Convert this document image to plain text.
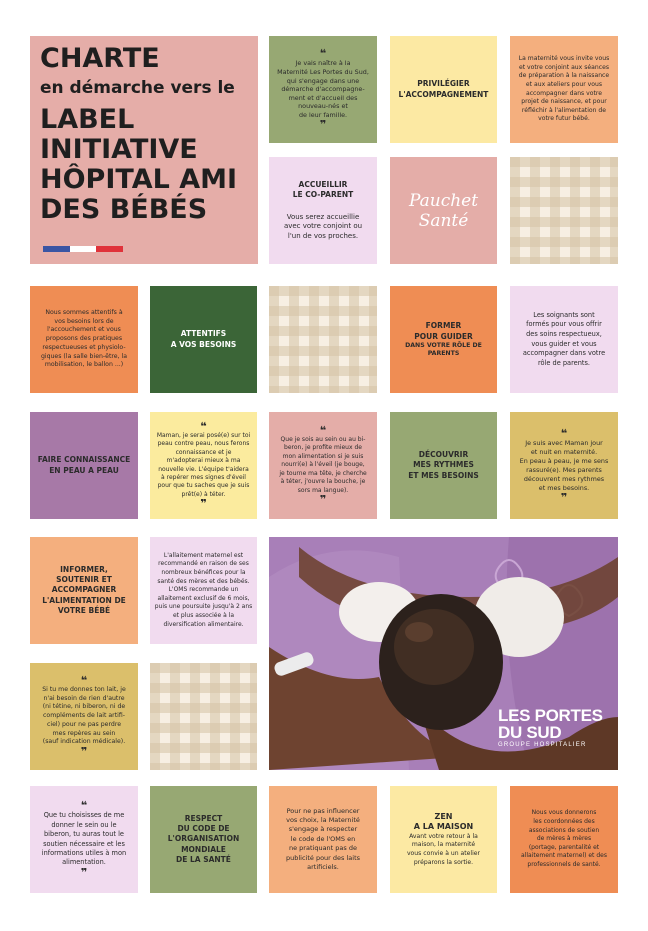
CHARTE
en démarche vers le
LABEL
INITIATIVE
HÔPITAL AMI
DES BÉBÉS
❝
Je vais naître à la
Maternité Les Portes du Sud,
qui s'engage dans une
démarche d'accompagne-
ment et d'accueil des
nouveau-nés et
de leur famille.
❞
PRIVILÉGIER
L'ACCOMPAGNEMENT
La maternité vous invite vous
et votre conjoint aux séances
de préparation à la naissance
et aux ateliers pour vous
accompagner dans votre
projet de naissance, et pour
réfléchir à l'alimentation de
votre futur bébé.
ACCUEILLIR
LE CO-PARENT
Vous serez accueillie
avec votre conjoint ou
l'un de vos proches.
Pauchet Santé
Nous sommes attentifs à
vos besoins lors de
l'accouchement et vous
proposons des pratiques
respectueuses et physiolo-
giques (la salle bien-être, la
mobilisation, le ballon ...)
ATTENTIFS
A VOS BESOINS
FORMER
POUR GUIDER
DANS VOTRE RÔLE DE PARENTS
Les soignants sont
formés pour vous offrir
des soins respectueux,
vous guider et vous
accompagner dans votre
rôle de parents.
FAIRE CONNAISSANCE
EN PEAU A PEAU
❝
Maman, je serai posé(e) sur toi
peau contre peau, nous ferons
connaissance et je
m'adopterai mieux à ma
nouvelle vie. L'équipe t'aidera
à repérer mes signes d'éveil
pour que tu saches que je suis
prêt(e) à téter.
❞
❝
Que je sois au sein ou au bi-
beron, je profite mieux de
mon alimentation si je suis
nourri(e) à l'éveil (je bouge,
je tourne ma tête, je cherche
à téter, j'ouvre la bouche, je
sors ma langue).
❞
DÉCOUVRIR
MES RYTHMES
ET MES BESOINS
❝
Je suis avec Maman jour
et nuit en maternité.
En peau à peau, je me sens
rassuré(e). Mes parents
découvrent mes rythmes
et mes besoins.
❞
INFORMER,
SOUTENIR ET
ACCOMPAGNER
L'ALIMENTATION DE
VOTRE BÉBÉ
L'allaitement maternel est
recommandé en raison de ses
nombreux bénéfices pour la
santé des mères et des bébés.
L'OMS recommande un
allaitement exclusif de 6 mois,
puis une poursuite jusqu'à 2 ans
et plus associée à la
diversification alimentaire.
LES PORTES
DU SUD
GROUPE HOSPITALIER
❝
Si tu me donnes ton lait, je
n'ai besoin de rien d'autre
(ni tétine, ni biberon, ni de
compléments de lait artifi-
ciel) pour ne pas perdre
mes repères au sein
(sauf indication médicale).
❞
❝
Que tu choisisses de me
donner le sein ou le
biberon, tu auras tout le
soutien nécessaire et les
informations utiles à mon
alimentation.
❞
RESPECT
DU CODE DE
L'ORGANISATION
MONDIALE
DE LA SANTÉ
Pour ne pas influencer
vos choix, la Maternité
s'engage à respecter
le code de l'OMS en
ne pratiquant pas de
publicité pour des laits
artificiels.
ZEN
A LA MAISON
Avant votre retour à la
maison, la maternité
vous convie à un atelier
préparons la sortie.
Nous vous donnerons
les coordonnées des
associations de soutien
de mères à mères
(portage, parentalité et
allaitement maternel) et des
professionnels de santé.
